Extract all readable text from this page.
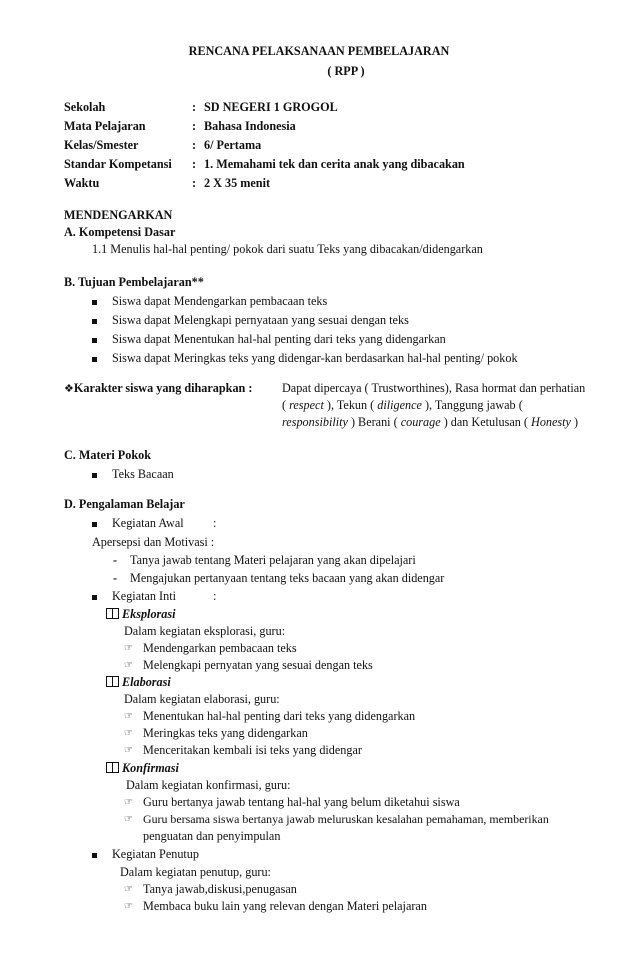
RENCANA PELAKSANAAN PEMBELAJARAN
( RPP )
Sekolah	: SD NEGERI 1 GROGOL
Mata Pelajaran	: Bahasa Indonesia
Kelas/Smester	: 6/ Pertama
Standar Kompetansi : 1. Memahami tek dan cerita anak yang dibacakan
Waktu	: 2 X 35 menit
MENDENGARKAN
A. Kompetensi Dasar
1.1 Menulis hal-hal penting/ pokok dari suatu Teks yang dibacakan/didengarkan
B. Tujuan Pembelajaran**
Siswa dapat Mendengarkan pembacaan teks
Siswa dapat Melengkapi pernyataan yang sesuai dengan teks
Siswa dapat Menentukan hal-hal penting dari teks yang didengarkan
Siswa dapat Meringkas teks yang didengar-kan berdasarkan hal-hal penting/ pokok
❖Karakter siswa yang diharapkan : Dapat dipercaya ( Trustworthines), Rasa hormat dan perhatian
( respect ), Tekun ( diligence ), Tanggung jawab (
responsibility ) Berani ( courage ) dan Ketulusan ( Honesty )
C. Materi Pokok
Teks Bacaan
D. Pengalaman Belajar
Kegiatan Awal :
Apersepsi dan Motivasi :
- Tanya jawab tentang Materi pelajaran yang akan dipelajari
- Mengajukan pertanyaan tentang teks bacaan yang akan didengar
Kegiatan Inti	:
Eksplorasi
Dalam kegiatan eksplorasi, guru:
☞ Mendengarkan pembacaan teks
☞ Melengkapi pernyatan yang sesuai dengan teks
Elaborasi
Dalam kegiatan elaborasi, guru:
☞ Menentukan hal-hal penting dari teks yang didengarkan
☞ Meringkas teks yang didengarkan
☞ Menceritakan kembali isi teks yang didengar
Konfirmasi
Dalam kegiatan konfirmasi, guru:
☞ Guru bertanya jawab tentang hal-hal yang belum diketahui siswa
☞ Guru bersama siswa bertanya jawab meluruskan kesalahan pemahaman, memberikan
penguatan dan penyimpulan
Kegiatan Penutup
Dalam kegiatan penutup, guru:
☞ Tanya jawab,diskusi,penugasan
☞ Membaca buku lain yang relevan dengan Materi pelajaran
